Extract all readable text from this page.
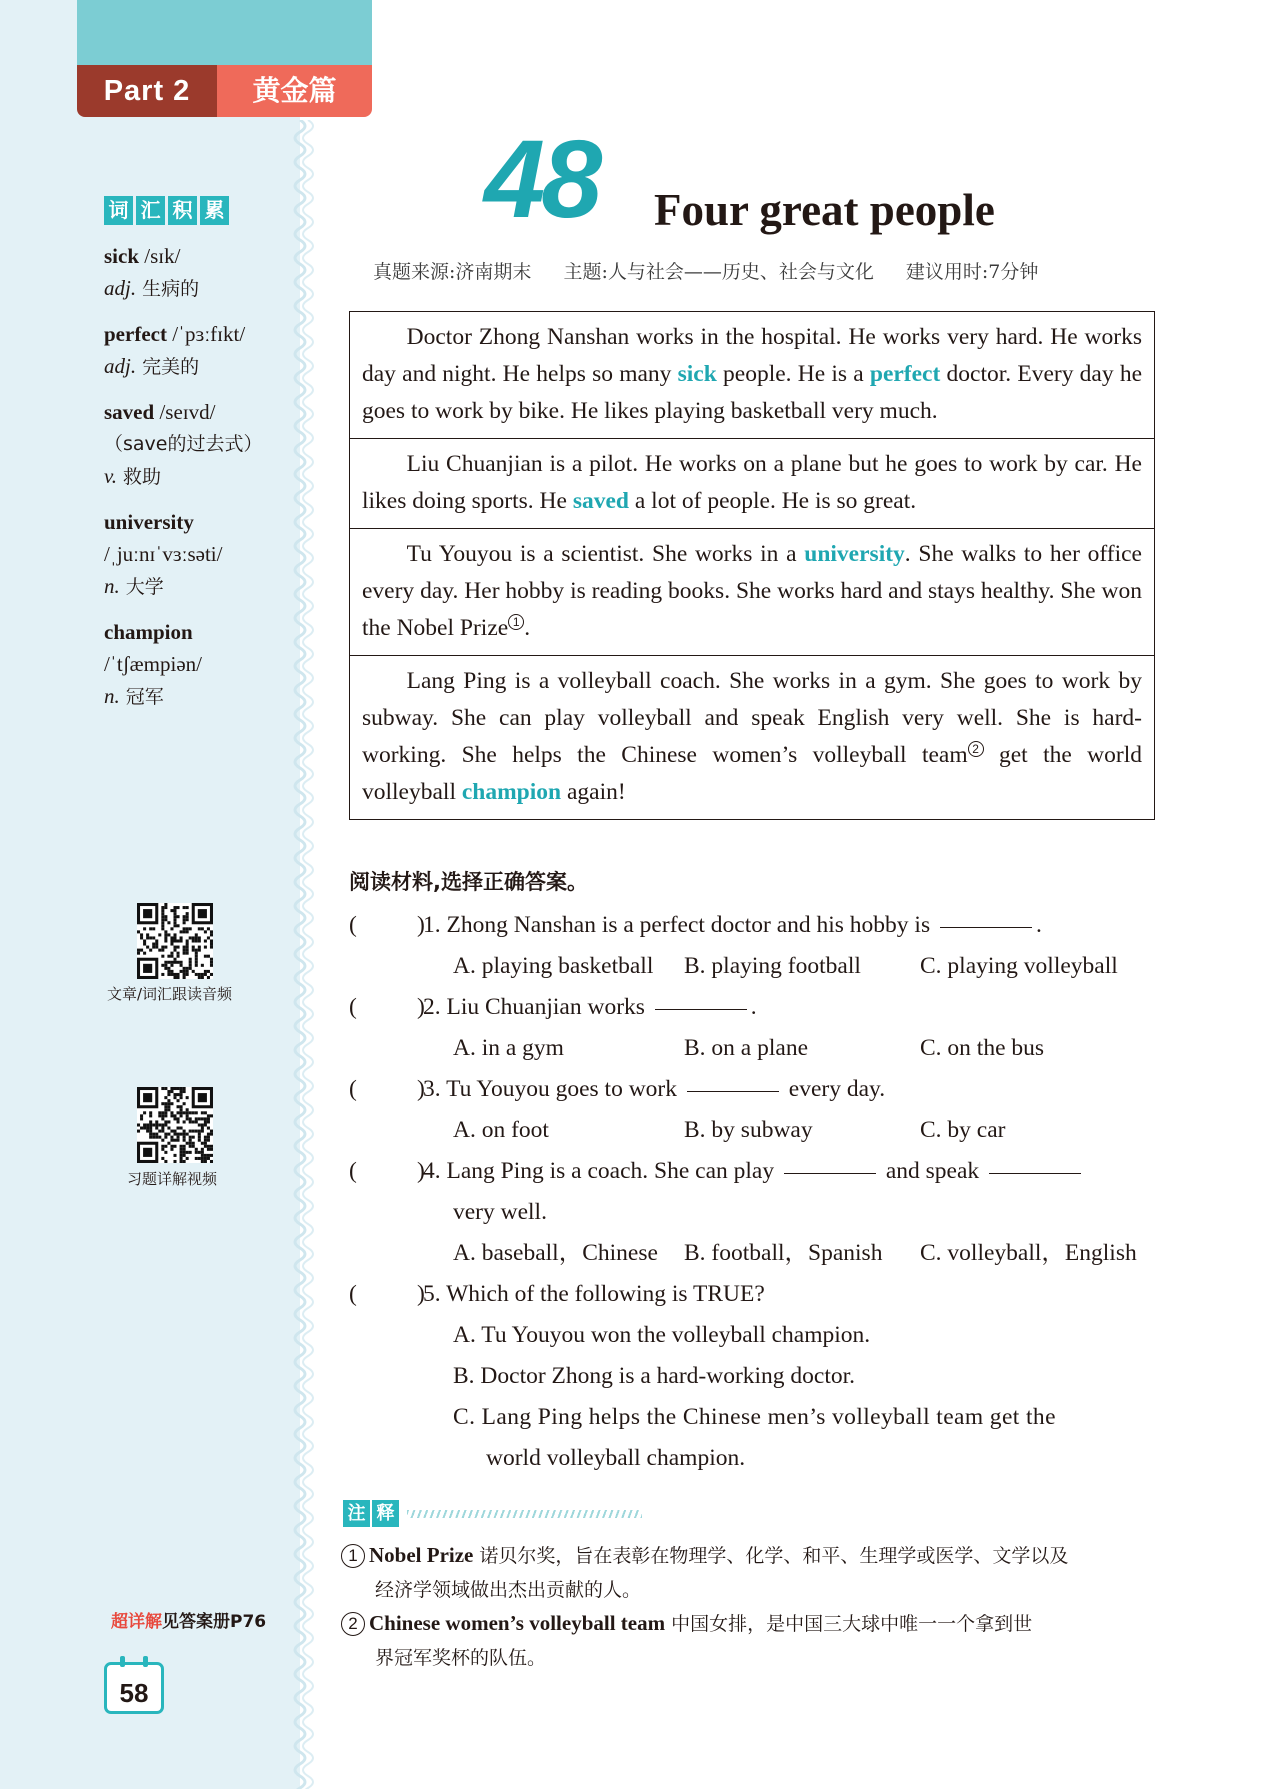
Part 2	黄金篇
词 汇 积 累
sick /sɪk/
adj. 生病的
perfect /ˈpɜːfɪkt/
adj. 完美的
saved /seɪvd/
（save的过去式）
v. 救助
university
/ˌjuːnɪˈvɜːsəti/
n. 大学
champion
/ˈtʃæmpiən/
n. 冠军
文章/词汇跟读音频
习题详解视频
超详解见答案册P76
58
48 Four great people
真题来源:济南期末 主题:人与社会——历史、社会与文化 建议用时:7分钟
Doctor Zhong Nanshan works in the hospital. He works very hard. He works day and night. He helps so many sick people. He is a perfect doctor. Every day he goes to work by bike. He likes playing basketball very much.
Liu Chuanjian is a pilot. He works on a plane but he goes to work by car. He likes doing sports. He saved a lot of people. He is so great.
Tu Youyou is a scientist. She works in a university. She walks to her office every day. Her hobby is reading books. She works hard and stays healthy. She won the Nobel Prize $^1$ .
Lang Ping is a volleyball coach. She works in a gym. She goes to work by subway. She can play volleyball and speak English very well. She is hard-working. She helps the Chinese women’s volleyball team $^2$ get the world volleyball champion again!
阅读材料,选择正确答案。
(	)
1. Zhong Nanshan is a perfect doctor and his hobby is	.
A. playing basketball B. playing football	C. playing volleyball
(	)
2. Liu Chuanjian works	.
A. in a gym	B. on a plane	C. on the bus
(	)
3. Tu Youyou goes to work	every day.
A. on foot	B. by subway	C. by car
(	)
4. Lang Ping is a coach. She can play	and speak
very well.
A. baseball，Chinese B. football，Spanish C. volleyball，English
(	)
5. Which of the following is TRUE?
A. Tu Youyou won the volleyball champion.
B. Doctor Zhong is a hard-working doctor.
C. Lang Ping helps the Chinese men’s volleyball team get the
world volleyball champion.
注 释
1 Nobel Prize 诺贝尔奖，旨在表彰在物理学、化学、和平、生理学或医学、文学以及
经济学领域做出杰出贡献的人。
2 Chinese women’s volleyball team 中国女排，是中国三大球中唯一一个拿到世
界冠军奖杯的队伍。
